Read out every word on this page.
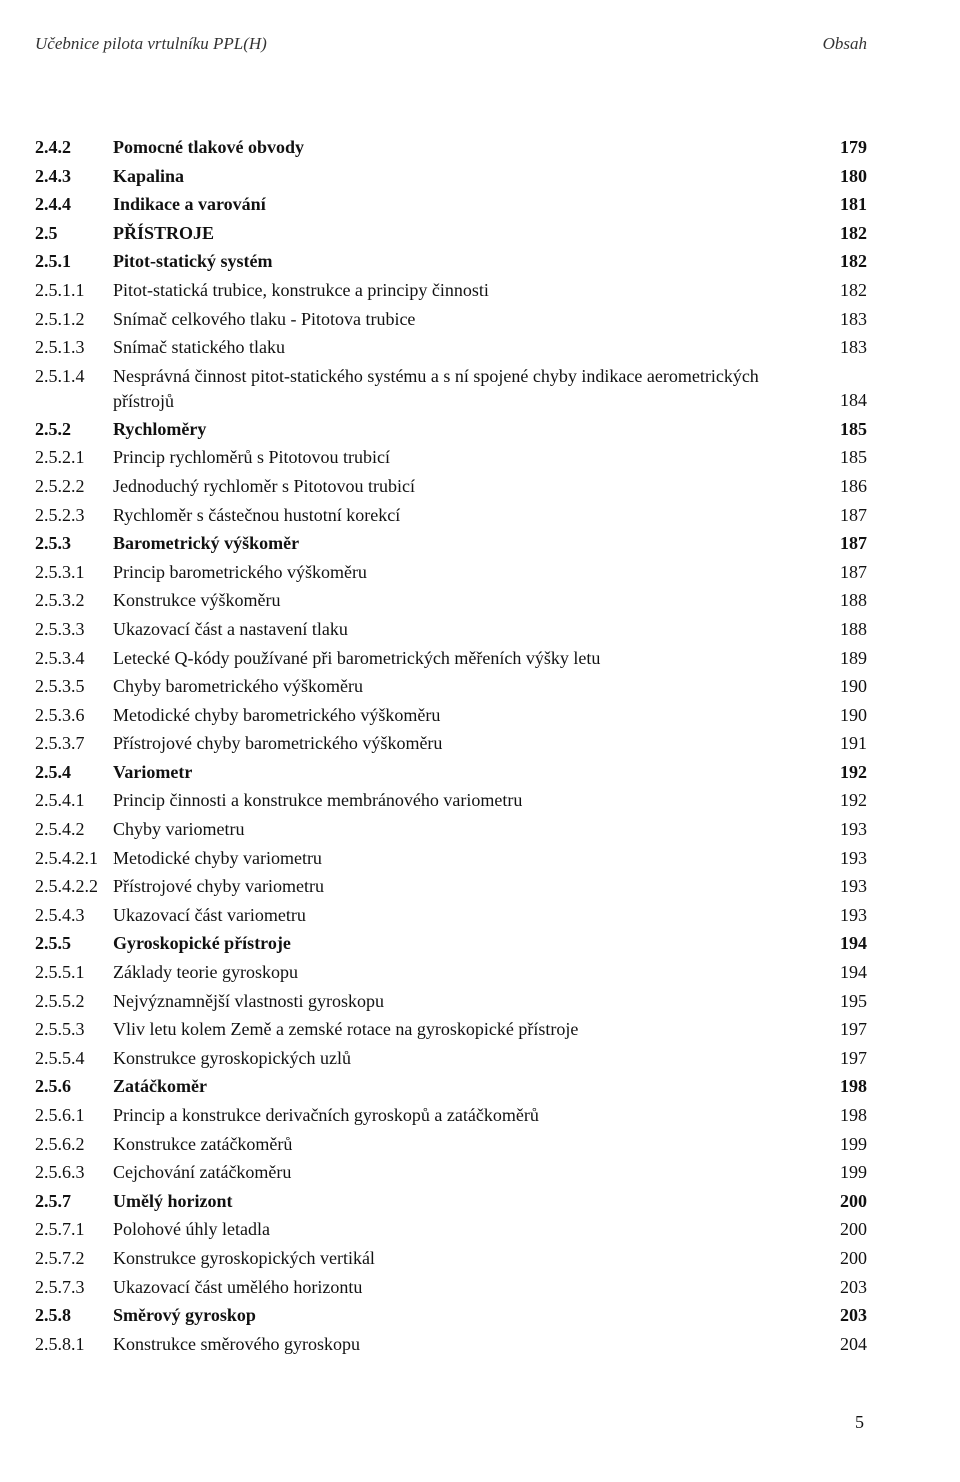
Učebnice pilota vrtulníku PPL(H)	Obsah
2.4.2 Pomocné tlakové obvody	179
2.4.3 Kapalina	180
2.4.4 Indikace a varování	181
2.5	PŘÍSTROJE	182
2.5.1 Pitot-statický systém	182
2.5.1.1 Pitot-statická trubice, konstrukce a principy činnosti	182
2.5.1.2 Snímač celkového tlaku - Pitotova trubice	183
2.5.1.3 Snímač statického tlaku	183
2.5.1.4 Nesprávná činnost pitot-statického systému a s ní spojené chyby indikace aerometrických přístrojů	184
2.5.2 Rychloměry	185
2.5.2.1 Princip rychloměrů s Pitotovou trubicí	185
2.5.2.2 Jednoduchý rychloměr s Pitotovou trubicí	186
2.5.2.3 Rychloměr s částečnou hustotní korekcí	187
2.5.3 Barometrický výškoměr	187
2.5.3.1 Princip barometrického výškoměru	187
2.5.3.2 Konstrukce výškoměru	188
2.5.3.3 Ukazovací část a nastavení tlaku	188
2.5.3.4 Letecké Q-kódy používané při barometrických měřeních výšky letu	189
2.5.3.5 Chyby barometrického výškoměru	190
2.5.3.6 Metodické chyby barometrického výškoměru	190
2.5.3.7 Přístrojové chyby barometrického výškoměru	191
2.5.4 Variometr	192
2.5.4.1 Princip činnosti a konstrukce membránového variometru	192
2.5.4.2 Chyby variometru	193
2.5.4.2.1 Metodické chyby variometru	193
2.5.4.2.2 Přístrojové chyby variometru	193
2.5.4.3 Ukazovací část variometru	193
2.5.5 Gyroskopické přístroje	194
2.5.5.1 Základy teorie gyroskopu	194
2.5.5.2 Nejvýznamnější vlastnosti gyroskopu	195
2.5.5.3 Vliv letu kolem Země a zemské rotace na gyroskopické přístroje	197
2.5.5.4 Konstrukce gyroskopických uzlů	197
2.5.6 Zatáčkoměr	198
2.5.6.1 Princip a konstrukce derivačních gyroskopů a zatáčkoměrů	198
2.5.6.2 Konstrukce zatáčkoměrů	199
2.5.6.3 Cejchování zatáčkoměru	199
2.5.7 Umělý horizont	200
2.5.7.1 Polohové úhly letadla	200
2.5.7.2 Konstrukce gyroskopických vertikál	200
2.5.7.3 Ukazovací část umělého horizontu	203
2.5.8 Směrový gyroskop	203
2.5.8.1 Konstrukce směrového gyroskopu	204
5
